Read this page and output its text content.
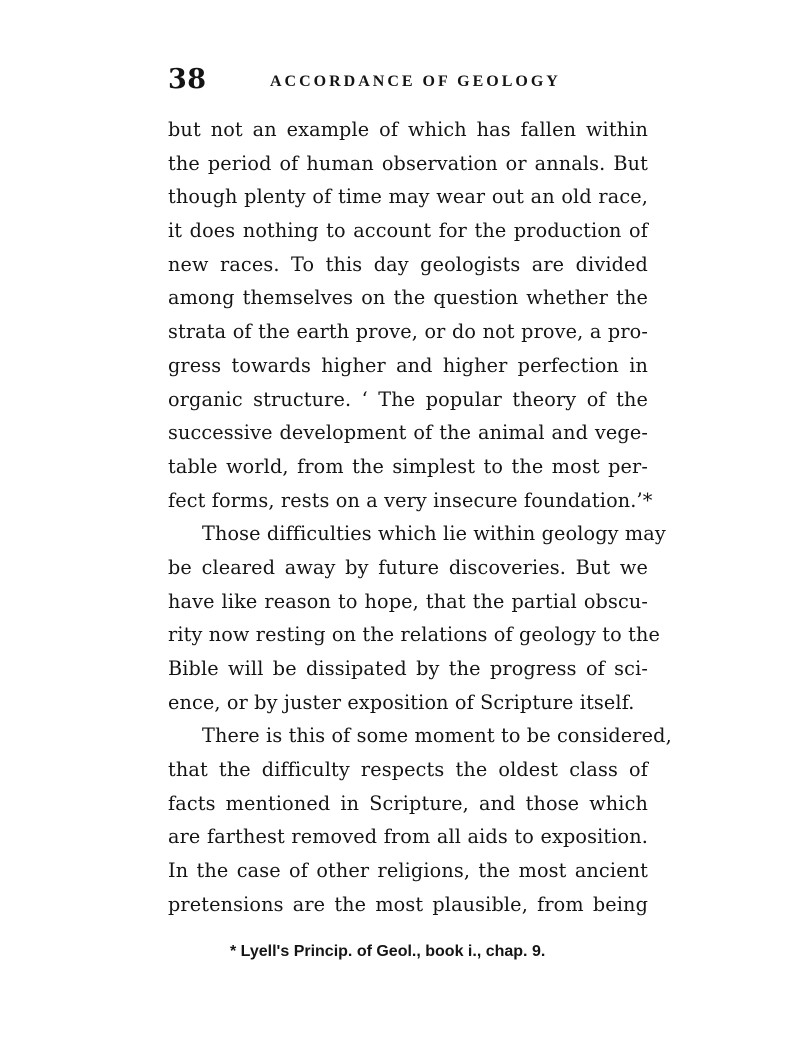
38	ACCORDANCE OF GEOLOGY
but not an example of which has fallen within
the period of human observation or annals. But
though plenty of time may wear out an old race,
it does nothing to account for the production of
new races. To this day geologists are divided
among themselves on the question whether the
strata of the earth prove, or do not prove, a pro-
gress towards higher and higher perfection in
organic structure. ‘ The popular theory of the
successive development of the animal and vege-
table world, from the simplest to the most per-
fect forms, rests on a very insecure foundation.’*
Those difficulties which lie within geology may
be cleared away by future discoveries. But we
have like reason to hope, that the partial obscu-
rity now resting on the relations of geology to the
Bible will be dissipated by the progress of sci-
ence, or by juster exposition of Scripture itself.
There is this of some moment to be considered,
that the difficulty respects the oldest class of
facts mentioned in Scripture, and those which
are farthest removed from all aids to exposition.
In the case of other religions, the most ancient
pretensions are the most plausible, from being
* Lyell's Princip. of Geol., book i., chap. 9.
